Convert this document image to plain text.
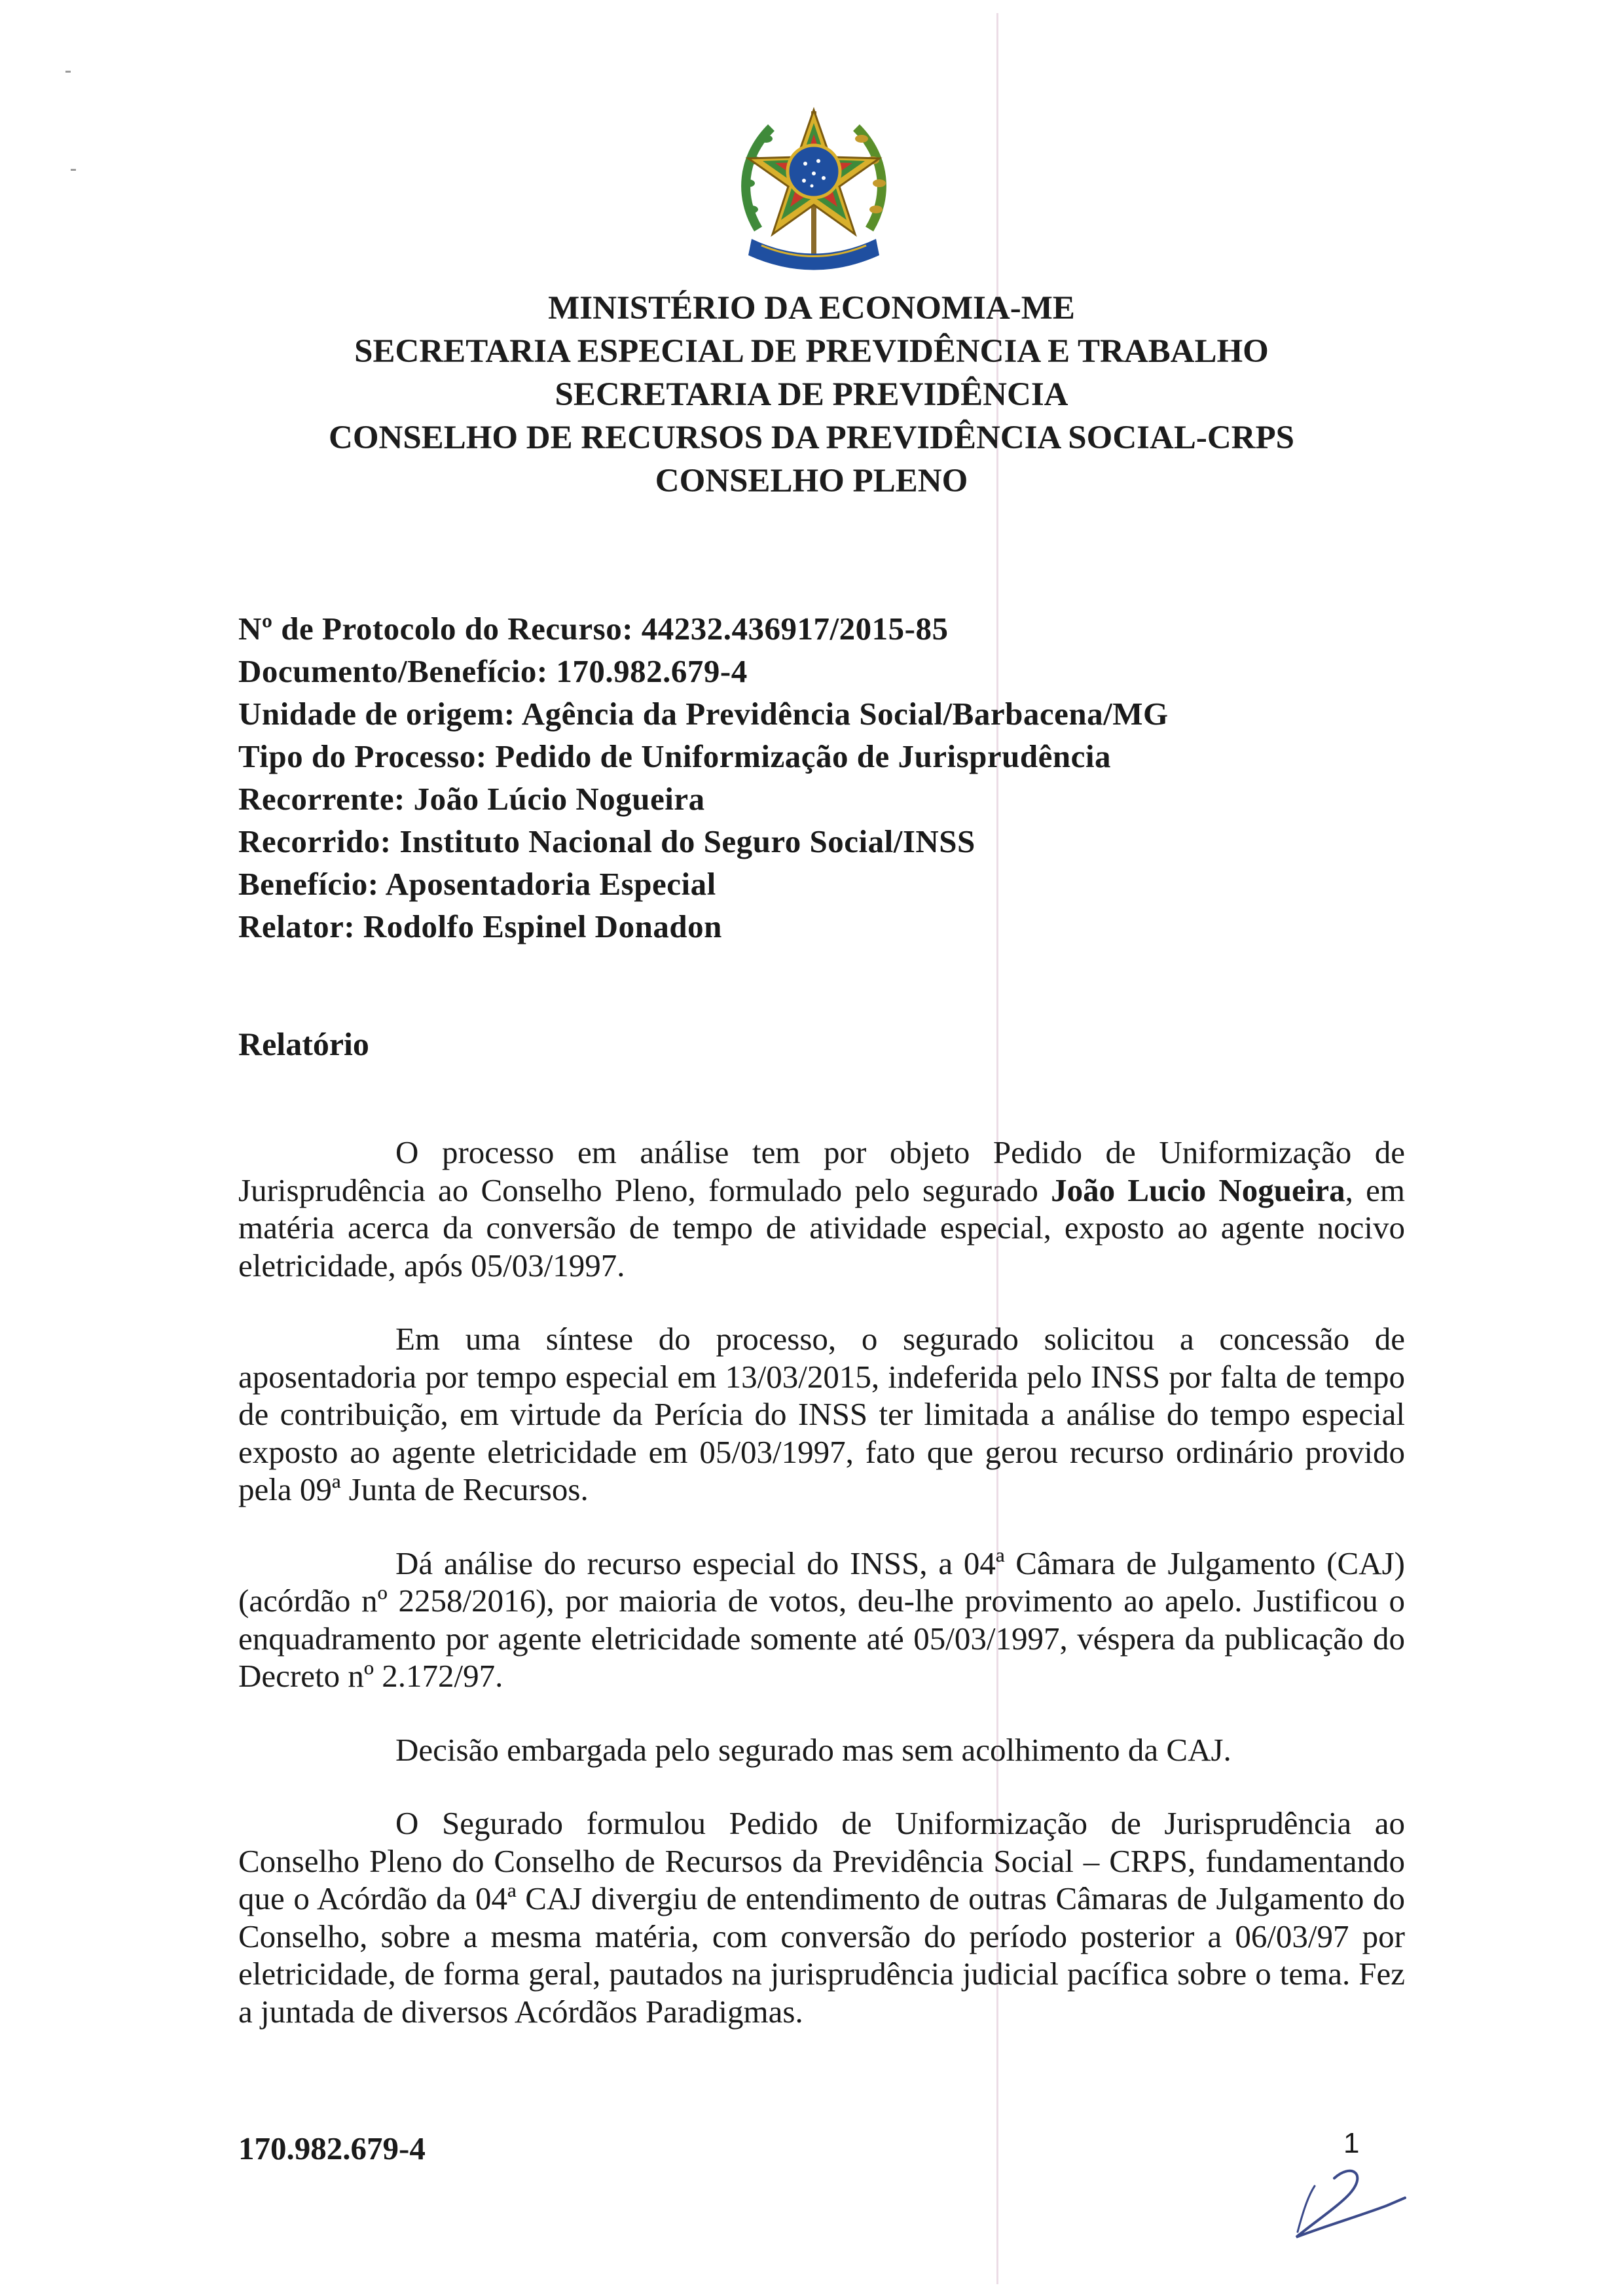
MINISTÉRIO DA ECONOMIA-ME
SECRETARIA ESPECIAL DE PREVIDÊNCIA E TRABALHO
SECRETARIA DE PREVIDÊNCIA
CONSELHO DE RECURSOS DA PREVIDÊNCIA SOCIAL-CRPS
CONSELHO PLENO
Nº de Protocolo do Recurso: 44232.436917/2015-85
Documento/Benefício: 170.982.679-4
Unidade de origem: Agência da Previdência Social/Barbacena/MG
Tipo do Processo: Pedido de Uniformização de Jurisprudência
Recorrente: João Lúcio Nogueira
Recorrido: Instituto Nacional do Seguro Social/INSS
Benefício: Aposentadoria Especial
Relator: Rodolfo Espinel Donadon
Relatório

O processo em análise tem por objeto Pedido de Uniformização de Jurisprudência ao Conselho Pleno, formulado pelo segurado João Lucio Nogueira, em matéria acerca da conversão de tempo de atividade especial, exposto ao agente nocivo eletricidade, após 05/03/1997.

Em uma síntese do processo, o segurado solicitou a concessão de aposentadoria por tempo especial em 13/03/2015, indeferida pelo INSS por falta de tempo de contribuição, em virtude da Perícia do INSS ter limitada a análise do tempo especial exposto ao agente eletricidade em 05/03/1997, fato que gerou recurso ordinário provido pela 09ª Junta de Recursos.

Dá análise do recurso especial do INSS, a 04ª Câmara de Julgamento (CAJ) (acórdão nº 2258/2016), por maioria de votos, deu-lhe provimento ao apelo. Justificou o enquadramento por agente eletricidade somente até 05/03/1997, véspera da publicação do Decreto nº 2.172/97.

Decisão embargada pelo segurado mas sem acolhimento da CAJ.

O Segurado formulou Pedido de Uniformização de Jurisprudência ao Conselho Pleno do Conselho de Recursos da Previdência Social – CRPS, fundamentando que o Acórdão da 04ª CAJ divergiu de entendimento de outras Câmaras de Julgamento do Conselho, sobre a mesma matéria, com conversão do período posterior a 06/03/97 por eletricidade, de forma geral, pautados na jurisprudência judicial pacífica sobre o tema. Fez a juntada de diversos Acórdãos Paradigmas.

170.982.679-4	1
